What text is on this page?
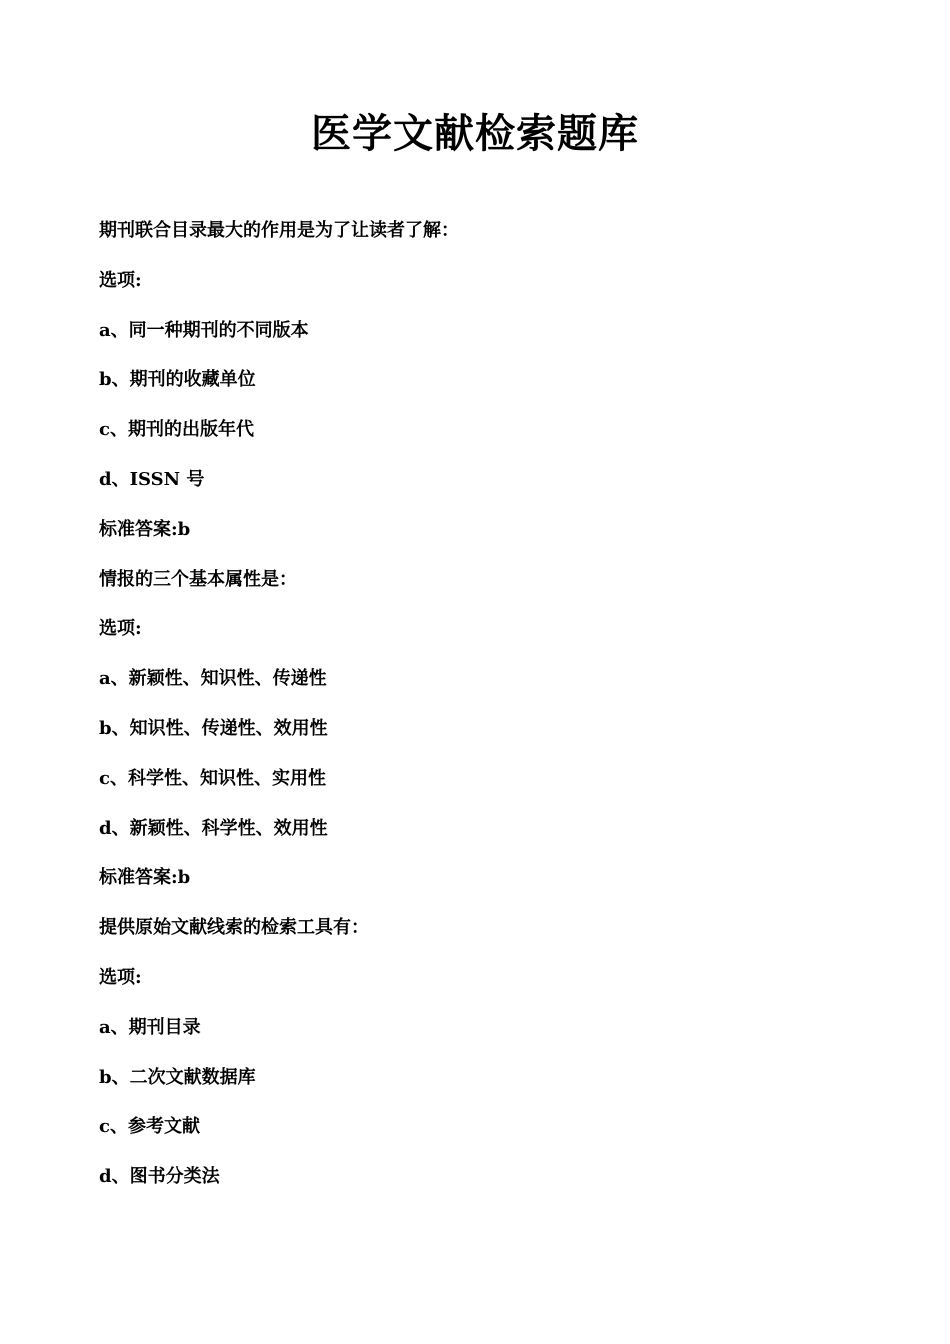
医学文献检索题库
期刊联合目录最大的作用是为了让读者了解：
选项:
a、同一种期刊的不同版本
b、期刊的收藏单位
c、期刊的出版年代
d、ISSN 号
标准答案:b
情报的三个基本属性是：
选项:
a、新颖性、知识性、传递性
b、知识性、传递性、效用性
c、科学性、知识性、实用性
d、新颖性、科学性、效用性
标准答案:b
提供原始文献线索的检索工具有：
选项:
a、期刊目录
b、二次文献数据库
c、参考文献
d、图书分类法
